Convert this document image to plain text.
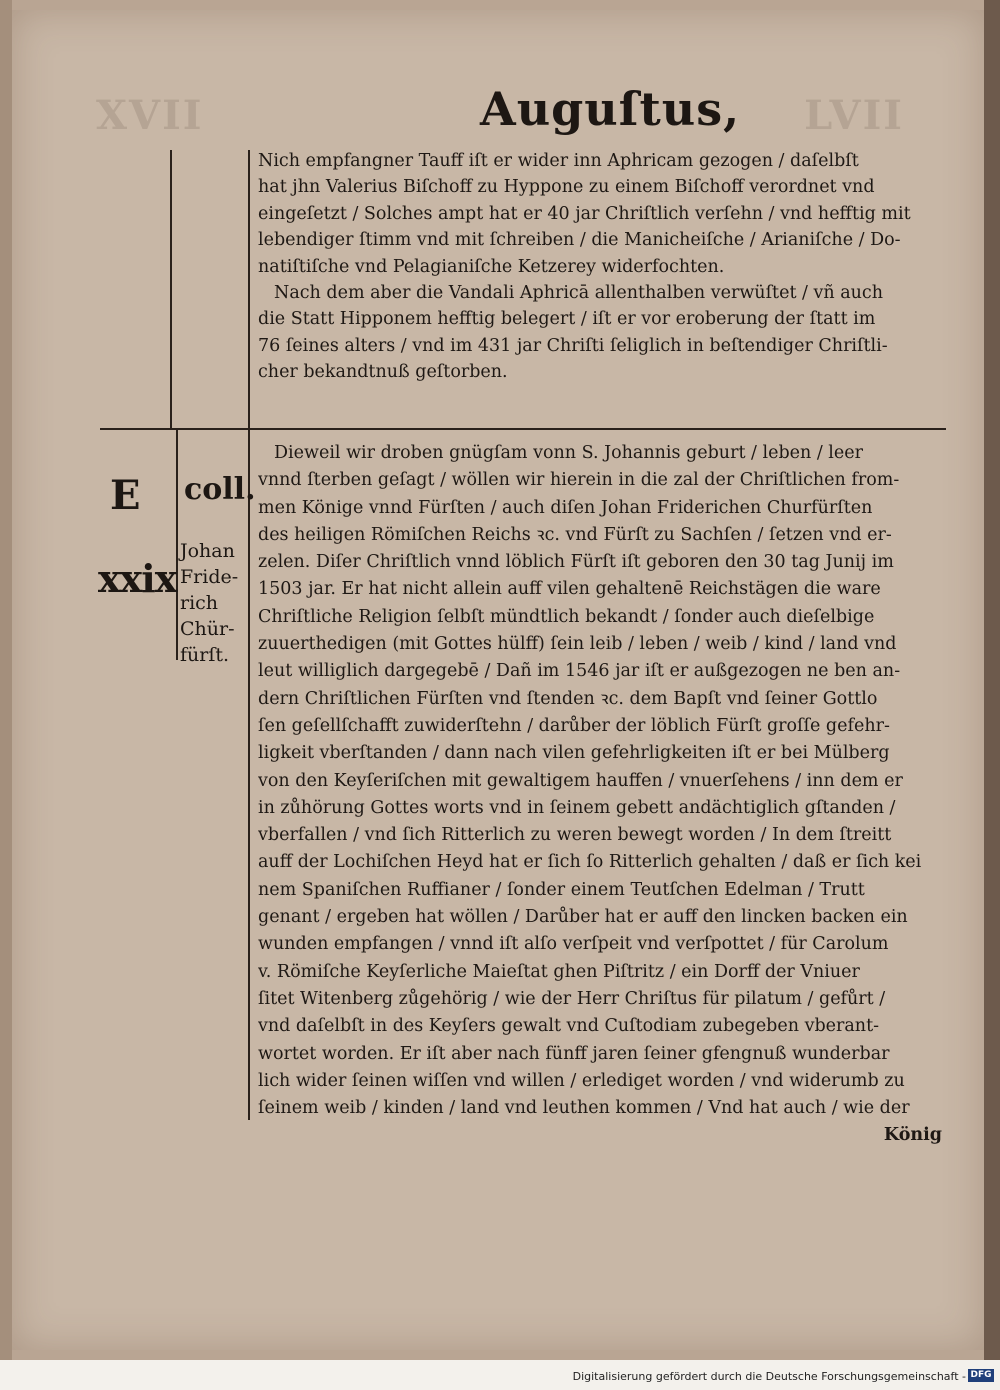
XVII	LVII
Auguſtus,
Nich empfangner Tauff iſt er wider inn Aphricam gezogen / daſelbſt
hat jhn Valerius Biſchoff zu Hyppone zu einem Biſchoff verordnet vnd
eingeſetzt / Solches ampt hat er 40 jar Chriſtlich verſehn / vnd hefftig mit
lebendiger ſtimm vnd mit ſchreiben / die Manicheiſche / Arianiſche / Do‑
natiſtiſche vnd Pelagianiſche Ketzerey widerfochten.
Nach dem aber die Vandali Aphricā allenthalben verwüſtet / vñ auch
die Statt Hipponem hefftig belegert / iſt er vor eroberung der ſtatt im
76 ſeines alters / vnd im 431 jar Chriſti ſeliglich in beſtendiger Chriſtli‑
cher bekandtnuß geſtorben.
E
xxix
coll.
Johan
Fride‑
rich
Chür‑
fürſt.
Dieweil wir droben gnügſam vonn S. Johannis geburt / leben / leer
vnnd ſterben geſagt / wöllen wir hierein in die zal der Chriſtlichen from‑
men Könige vnnd Fürſten / auch diſen Johan Friderichen Churfürſten
des heiligen Römiſchen Reichs ꝛc. vnd Fürſt zu Sachſen / ſetzen vnd er‑
zelen. Diſer Chriſtlich vnnd löblich Fürſt iſt geboren den 30 tag Junij im
1503 jar. Er hat nicht allein auff vilen gehaltenē Reichstägen die ware
Chriſtliche Religion ſelbſt mündtlich bekandt / ſonder auch dieſelbige
zuuerthedigen (mit Gottes hülff) ſein leib / leben / weib / kind / land vnd
leut williglich dargegebē / Dañ im 1546 jar iſt er außgezogen ne ben an‑
dern Chriſtlichen Fürſten vnd ſtenden ꝛc. dem Bapſt vnd ſeiner Gottlo
ſen geſellſchafft zuwiderſtehn / darůber der löblich Fürſt groſſe gefehr‑
ligkeit vberſtanden / dann nach vilen gefehrligkeiten iſt er bei Mülberg
von den Keyſeriſchen mit gewaltigem hauffen / vnuerſehens / inn dem er
in zůhörung Gottes worts vnd in ſeinem gebett andächtiglich gſtanden /
vberfallen / vnd ſich Ritterlich zu weren bewegt worden / In dem ſtreitt
auff der Lochiſchen Heyd hat er ſich ſo Ritterlich gehalten / daß er ſich kei
nem Spaniſchen Ruffianer / ſonder einem Teutſchen Edelman / Trutt
genant / ergeben hat wöllen / Darůber hat er auff den lincken backen ein
wunden empfangen / vnnd iſt alſo verſpeit vnd verſpottet / für Carolum
v. Römiſche Keyſerliche Maieſtat ghen Piſtritz / ein Dorff der Vniuer
ſitet Witenberg zůgehörig / wie der Herr Chriſtus für pilatum / gefůrt /
vnd daſelbſt in des Keyſers gewalt vnd Cuſtodiam zubegeben vberant‑
wortet worden. Er iſt aber nach fünff jaren ſeiner gfengnuß wunderbar
lich wider ſeinen wiſſen vnd willen / erlediget worden / vnd widerumb zu
ſeinem weib / kinden / land vnd leuthen kommen / Vnd hat auch / wie der
König
Digitalisierung gefördert durch die Deutsche Forschungsgemeinschaft - DFG
